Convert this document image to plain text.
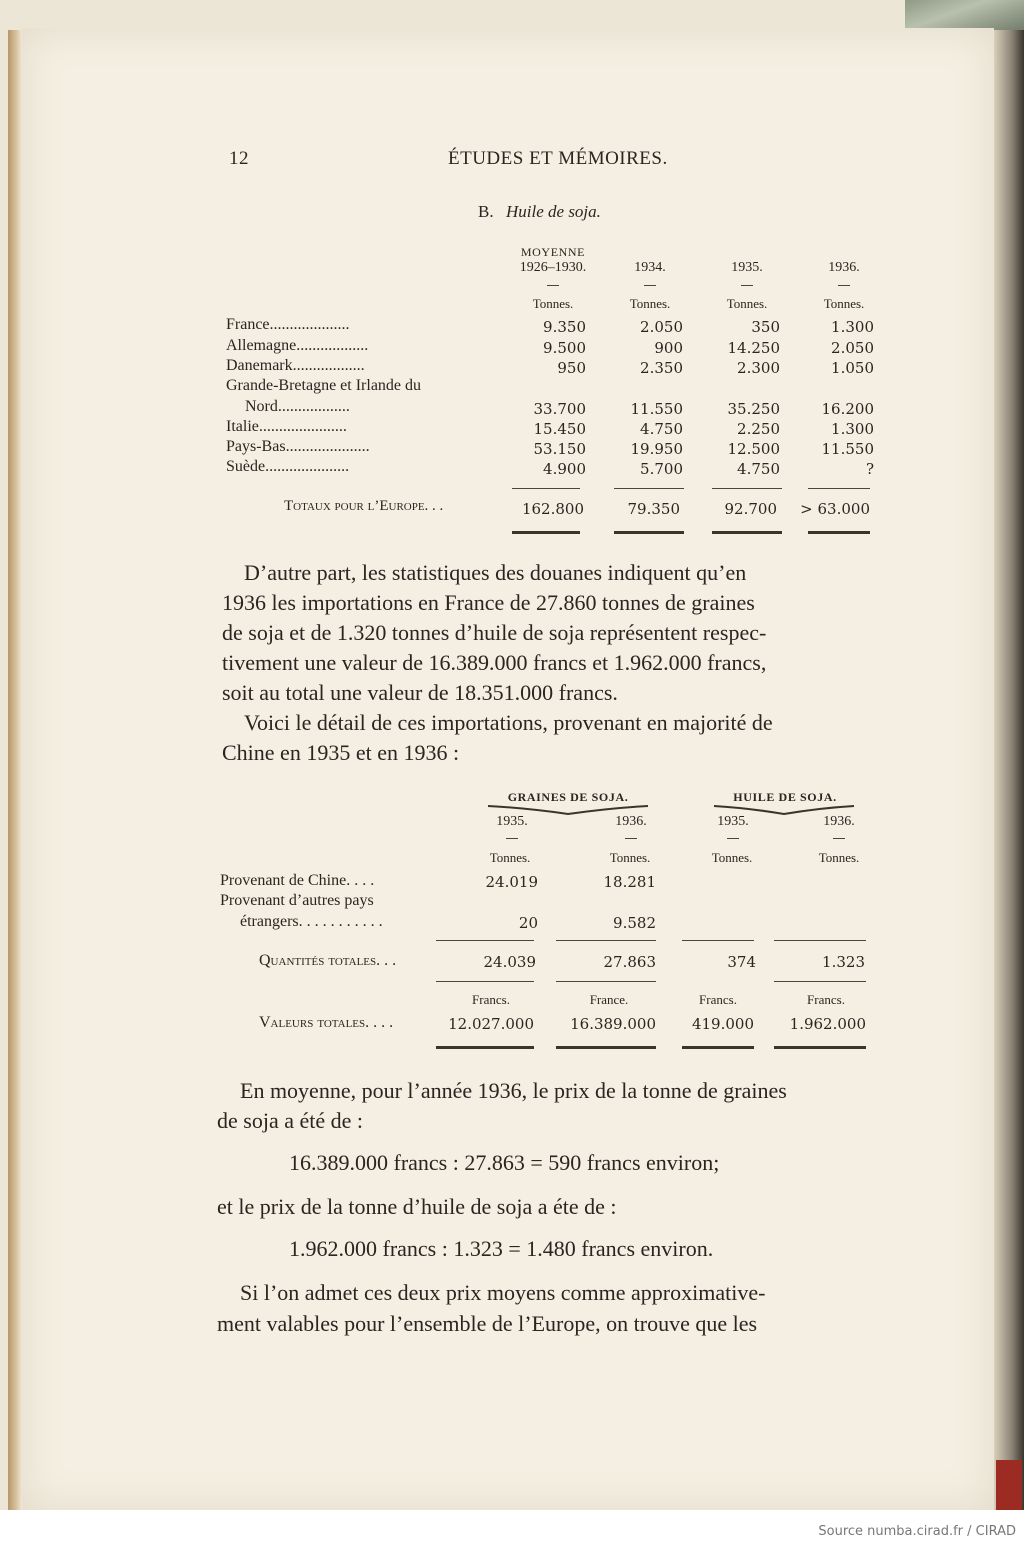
12	ÉTUDES ET MÉMOIRES.
B. Huile de soja.
MOYENNE
1926–1930.	1934.	1935.	1936.
Tonnes.	Tonnes.	Tonnes.	Tonnes.
France....................	9.350	2.050	350	1.300
Allemagne..................	9.500	900	14.250	2.050
Danemark..................	950	2.350	2.300	1.050
Grande-Bretagne et Irlande du
Nord..................	33.700	11.550	35.250	16.200
Italie......................	15.450	4.750	2.250	1.300
Pays-Bas.....................	53.150	19.950	12.500	11.550
Suède.....................	4.900	5.700	4.750	?
Totaux pour l’Europe. . .	162.800	79.350	92.700	> 63.000
D’autre part, les statistiques des douanes indiquent qu’en
1936 les importations en France de 27.860 tonnes de graines
de soja et de 1.320 tonnes d’huile de soja représentent respec-
tivement une valeur de 16.389.000 francs et 1.962.000 francs,
soit au total une valeur de 18.351.000 francs.
Voici le détail de ces importations, provenant en majorité de
Chine en 1935 et en 1936 :
GRAINES DE SOJA.	HUILE DE SOJA.
1935.	1936.	1935.	1936.
Tonnes.	Tonnes.	Tonnes.	Tonnes.
Provenant de Chine. . . .	24.019	18.281
Provenant d’autres pays
étrangers. . . . . . . . . . .	20	9.582
Quantités totales. . .	24.039	27.863	374	1.323
Francs.	France.	Francs.	Francs.
Valeurs totales. . . .	12.027.000	16.389.000	419.000	1.962.000
En moyenne, pour l’année 1936, le prix de la tonne de graines
de soja a été de :
16.389.000 francs : 27.863 = 590 francs environ;
et le prix de la tonne d’huile de soja a éte de :
1.962.000 francs : 1.323 = 1.480 francs environ.
Si l’on admet ces deux prix moyens comme approximative-
ment valables pour l’ensemble de l’Europe, on trouve que les
Source numba.cirad.fr / CIRAD
